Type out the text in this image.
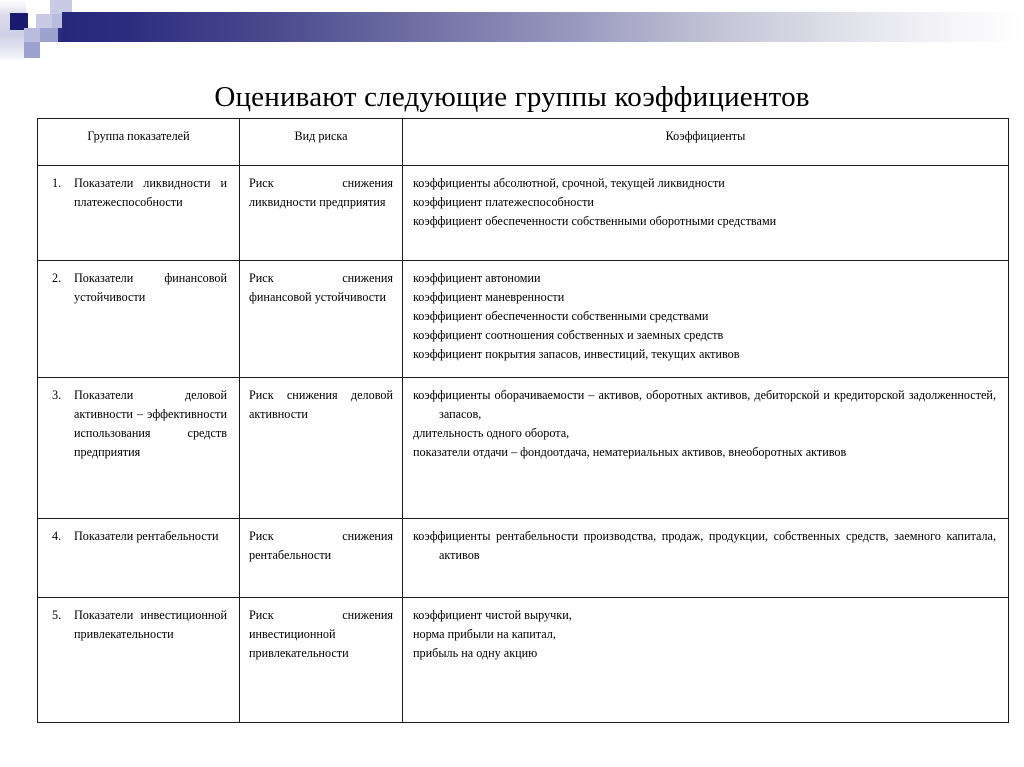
Оценивают следующие группы коэффициентов
Группа показателей	Вид риска	Коэффициенты

1. Показатели ликвидности и платежеспособности	Риск снижения ликвидности предприятия	коэффициенты абсолютной, срочной, текущей ликвидности
коэффициент платежеспособности
коэффициент обеспеченности собственными оборотными средствами

2. Показатели финансовой устойчивости	Риск снижения финансовой устойчивости	коэффициент автономии
коэффициент маневренности
коэффициент обеспеченности собственными средствами
коэффициент соотношения собственных и заемных средств
коэффициент покрытия запасов, инвестиций, текущих активов

3. Показатели деловой активности – эффективности использования средств предприятия	Риск снижения деловой активности	коэффициенты оборачиваемости – активов, оборотных активов, дебиторской и кредиторской задолженностей, запасов,
длительность одного оборота,
показатели отдачи – фондоотдача, нематериальных активов, внеоборотных активов

4. Показатели рентабельности	Риск снижения рентабельности	коэффициенты рентабельности производства, продаж, продукции, собственных средств, заемного капитала, активов

5. Показатели инвестиционной привлекательности	Риск снижения инвестиционной привлекательности	коэффициент чистой выручки,
норма прибыли на капитал,
прибыль на одну акцию
